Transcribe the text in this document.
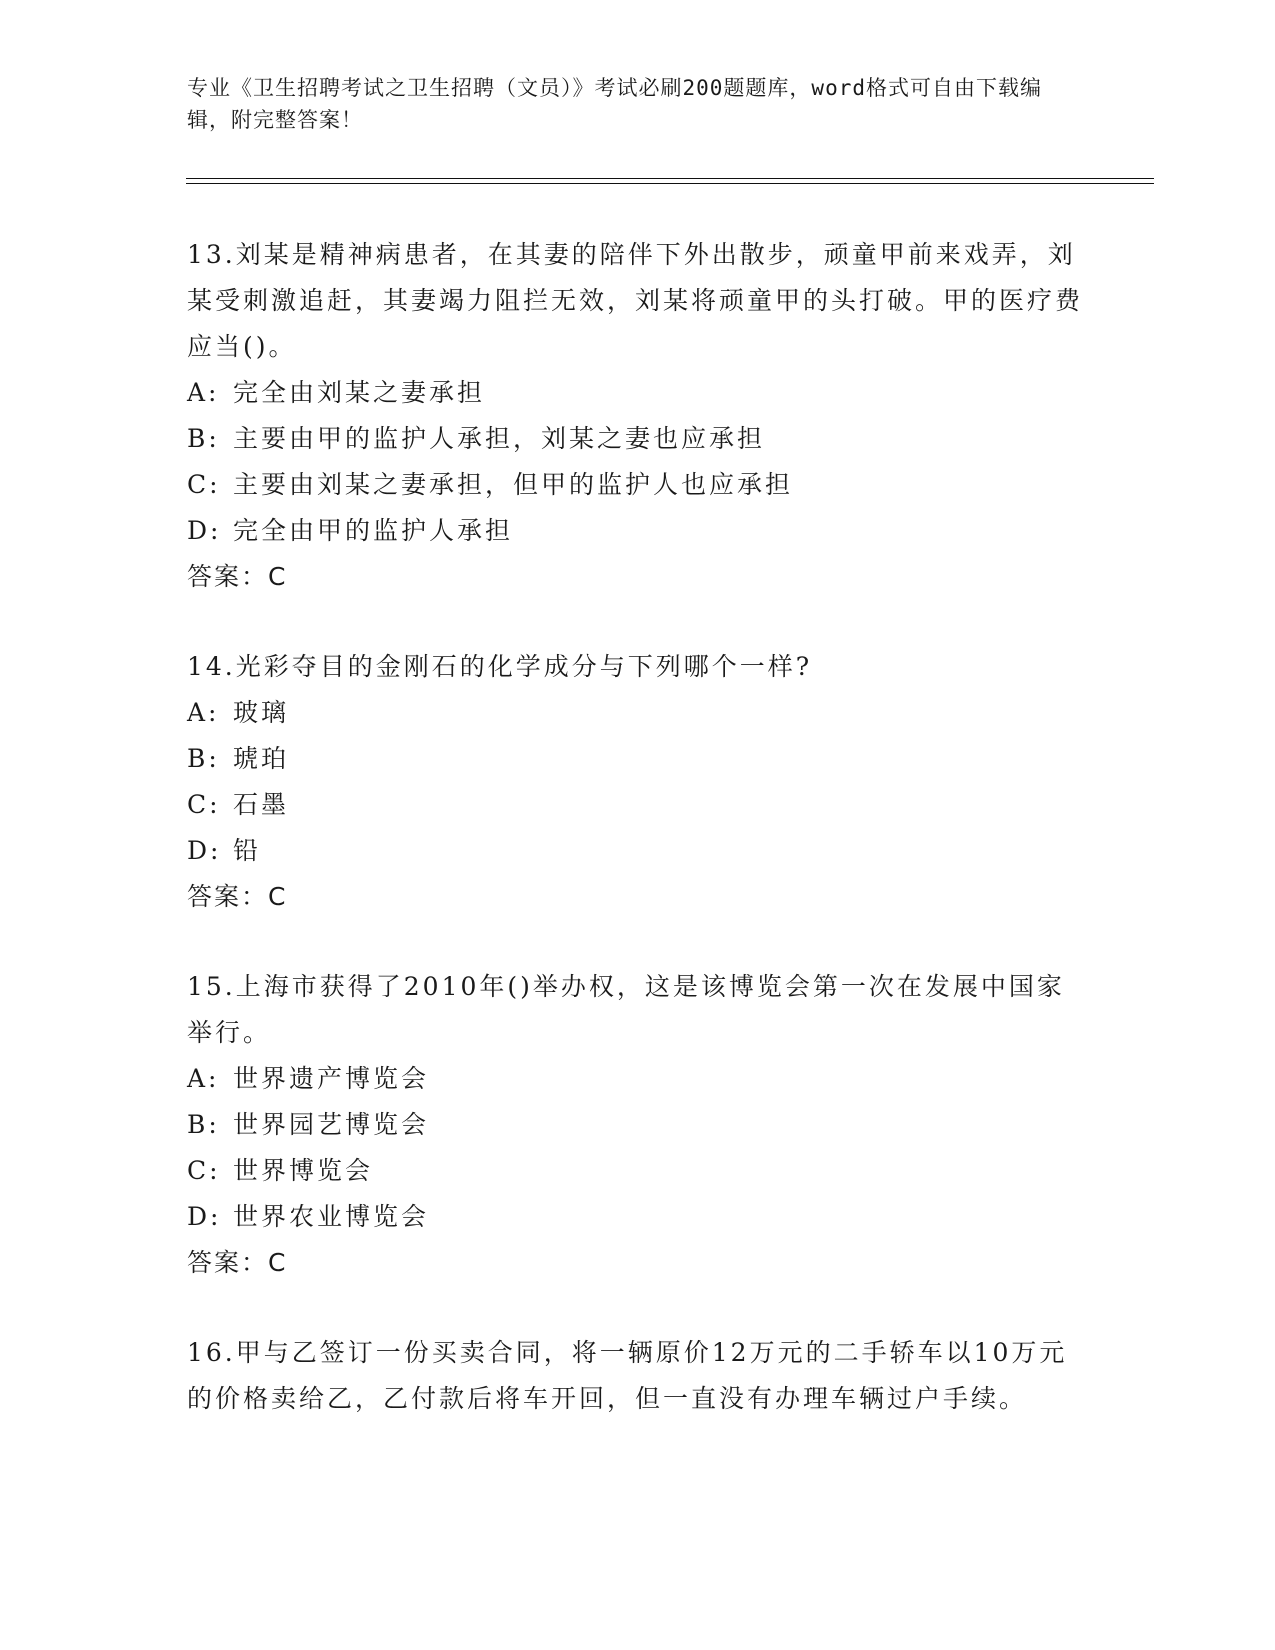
专业《卫生招聘考试之卫生招聘（文员）》考试必刷200题题库，word格式可自由下载编辑，附完整答案！
13.刘某是精神病患者，在其妻的陪伴下外出散步，顽童甲前来戏弄，刘某受刺激追赶，其妻竭力阻拦无效，刘某将顽童甲的头打破。甲的医疗费应当()。
A: 完全由刘某之妻承担
B: 主要由甲的监护人承担，刘某之妻也应承担
C: 主要由刘某之妻承担，但甲的监护人也应承担
D: 完全由甲的监护人承担
答案：C
14.光彩夺目的金刚石的化学成分与下列哪个一样?
A: 玻璃
B: 琥珀
C: 石墨
D: 铅
答案：C
15.上海市获得了2010年()举办权，这是该博览会第一次在发展中国家举行。
A: 世界遗产博览会
B: 世界园艺博览会
C: 世界博览会
D: 世界农业博览会
答案：C
16.甲与乙签订一份买卖合同，将一辆原价12万元的二手轿车以10万元的价格卖给乙，乙付款后将车开回，但一直没有办理车辆过户手续。
